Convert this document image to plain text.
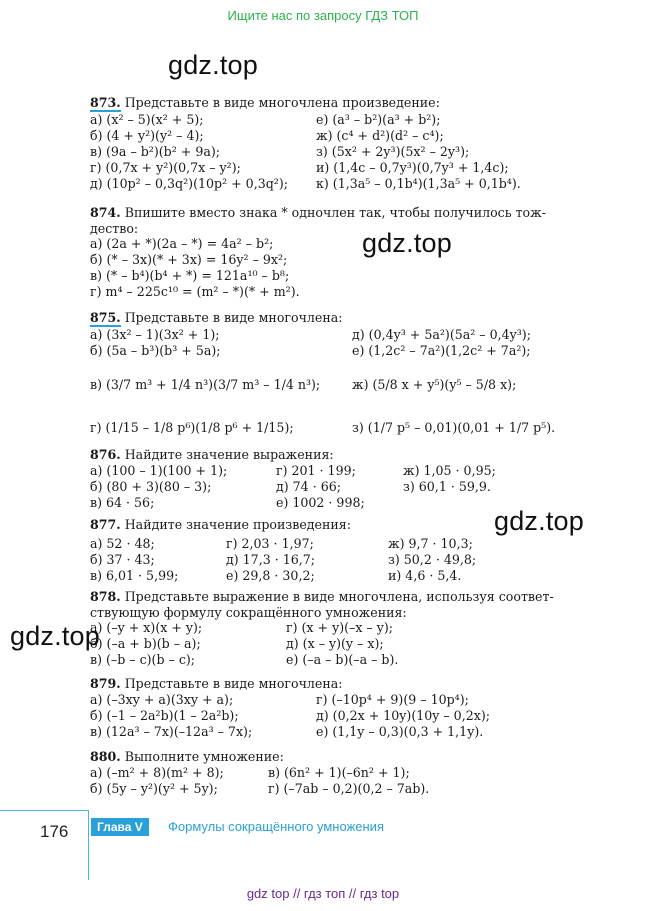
Ищите нас по запросу ГДЗ ТОП
gdz.top
gdz.top
gdz.top
gdz.top
873. Представьте в виде многочлена произведение:
а) (x² – 5)(x² + 5);
б) (4 + y²)(y² – 4);
в) (9a – b²)(b² + 9a);
г) (0,7x + y²)(0,7x – y²);
д) (10p² – 0,3q²)(10p² + 0,3q²);
е) (a³ – b²)(a³ + b²);
ж) (c⁴ + d²)(d² – c⁴);
з) (5x² + 2y³)(5x² – 2y³);
и) (1,4c – 0,7y³)(0,7y³ + 1,4c);
к) (1,3a⁵ – 0,1b⁴)(1,3a⁵ + 0,1b⁴).
874. Впишите вместо знака * одночлен так, чтобы получилось тож-
дество:
а) (2a + *)(2a – *) = 4a² – b²;
б) (* – 3x)(* + 3x) = 16y² – 9x²;
в) (* – b⁴)(b⁴ + *) = 121a¹⁰ – b⁸;
г) m⁴ – 225c¹⁰ = (m² – *)(* + m²).
875. Представьте в виде многочлена:
а) (3x² – 1)(3x² + 1);
б) (5a – b³)(b³ + 5a);
в) (3/7 m³ + 1/4 n³)(3/7 m³ – 1/4 n³);
г) (1/15 – 1/8 p⁶)(1/8 p⁶ + 1/15);
д) (0,4y³ + 5a²)(5a² – 0,4y³);
е) (1,2c² – 7a²)(1,2c² + 7a²);
ж) (5/8 x + y⁵)(y⁵ – 5/8 x);
з) (1/7 p⁵ – 0,01)(0,01 + 1/7 p⁵).
876. Найдите значение выражения:
а) (100 – 1)(100 + 1);
б) (80 + 3)(80 – 3);
в) 64 · 56;
г) 201 · 199;
д) 74 · 66;
е) 1002 · 998;
ж) 1,05 · 0,95;
з) 60,1 · 59,9.
877. Найдите значение произведения:
а) 52 · 48;
б) 37 · 43;
в) 6,01 · 5,99;
г) 2,03 · 1,97;
д) 17,3 · 16,7;
е) 29,8 · 30,2;
ж) 9,7 · 10,3;
з) 50,2 · 49,8;
и) 4,6 · 5,4.
878. Представьте выражение в виде многочлена, используя соответ-
ствующую формулу сокращённого умножения:
а) (–y + x)(x + y);
б) (–a + b)(b – a);
в) (–b – c)(b – c);
г) (x + y)(–x – y);
д) (x – y)(y – x);
е) (–a – b)(–a – b).
879. Представьте в виде многочлена:
а) (–3xy + a)(3xy + a);
б) (–1 – 2a²b)(1 – 2a²b);
в) (12a³ – 7x)(–12a³ – 7x);
г) (–10p⁴ + 9)(9 – 10p⁴);
д) (0,2x + 10y)(10y – 0,2x);
е) (1,1y – 0,3)(0,3 + 1,1y).
880. Выполните умножение:
а) (–m² + 8)(m² + 8);
б) (5y – y²)(y² + 5y);
в) (6n² + 1)(–6n² + 1);
г) (–7ab – 0,2)(0,2 – 7ab).
176	Глава V	Формулы сокращённого умножения
gdz top // гдз топ // гдз top
